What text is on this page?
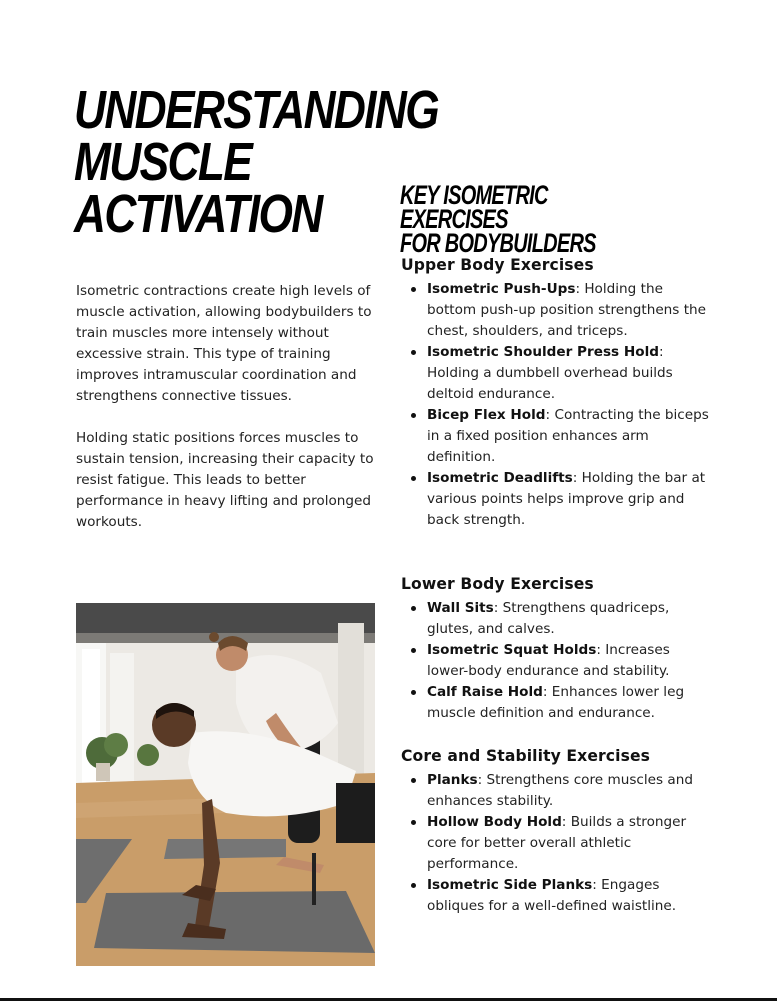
UNDERSTANDING
MUSCLE
ACTIVATION

Isometric contractions create high levels of muscle activation, allowing bodybuilders to train muscles more intensely without excessive strain. This type of training improves intramuscular coordination and strengthens connective tissues.

Holding static positions forces muscles to sustain tension, increasing their capacity to resist fatigue. This leads to better performance in heavy lifting and prolonged workouts.

KEY ISOMETRIC EXERCISES
FOR BODYBUILDERS
Upper Body Exercises
Isometric Push-Ups: Holding the bottom push-up position strengthens the chest, shoulders, and triceps.
Isometric Shoulder Press Hold: Holding a dumbbell overhead builds deltoid endurance.
Bicep Flex Hold: Contracting the biceps in a fixed position enhances arm definition.
Isometric Deadlifts: Holding the bar at various points helps improve grip and back strength.
Lower Body Exercises
Wall Sits: Strengthens quadriceps, glutes, and calves.
Isometric Squat Holds: Increases lower-body endurance and stability.
Calf Raise Hold: Enhances lower leg muscle definition and endurance.
Core and Stability Exercises
Planks: Strengthens core muscles and enhances stability.
Hollow Body Hold: Builds a stronger core for better overall athletic performance.
Isometric Side Planks: Engages obliques for a well-defined waistline.
